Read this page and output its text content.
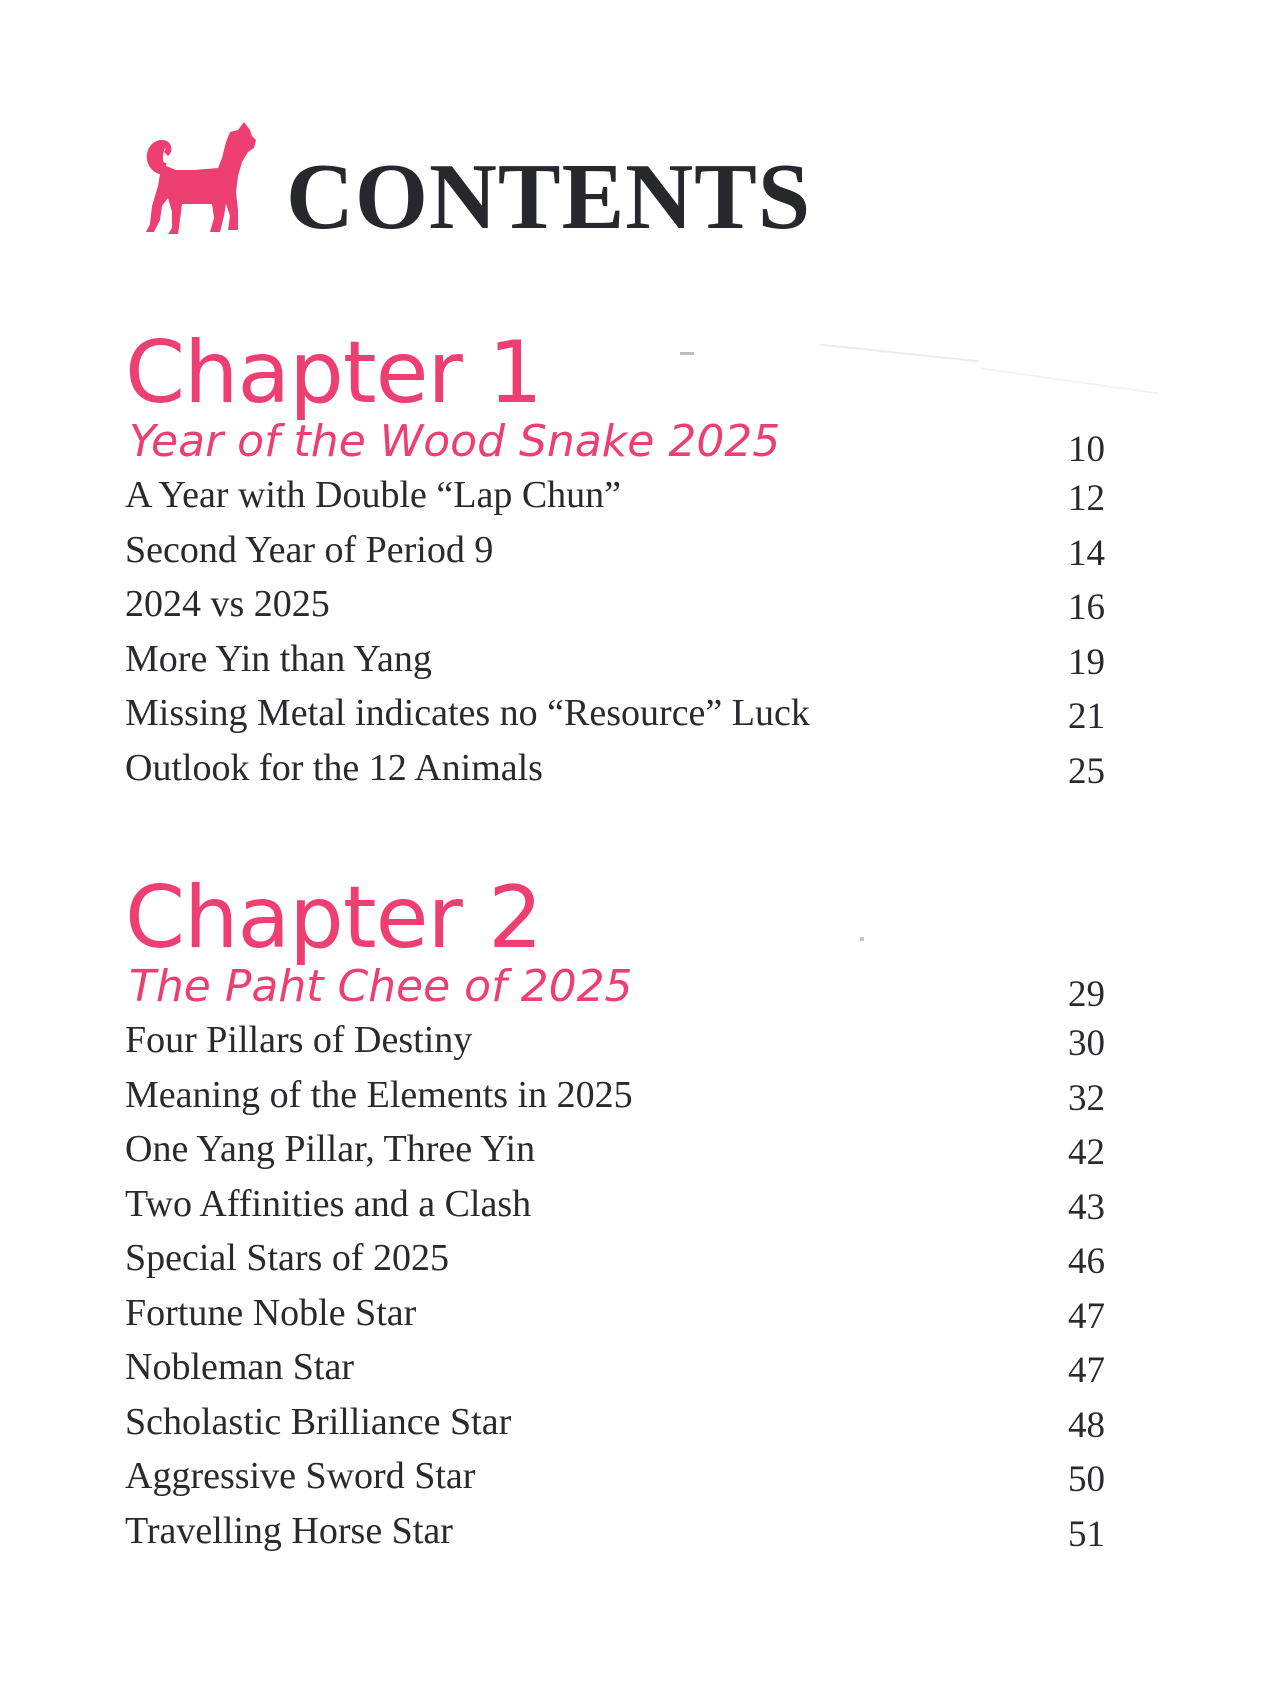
CONTENTS
Chapter 1
Year of the Wood Snake 2025	10
A Year with Double “Lap Chun”	12
Second Year of Period 9	14
2024 vs 2025	16
More Yin than Yang	19
Missing Metal indicates no “Resource” Luck	21
Outlook for the 12 Animals	25
Chapter 2
The Paht Chee of 2025	29
Four Pillars of Destiny	30
Meaning of the Elements in 2025	32
One Yang Pillar, Three Yin	42
Two Affinities and a Clash	43
Special Stars of 2025	46
Fortune Noble Star	47
Nobleman Star	47
Scholastic Brilliance Star	48
Aggressive Sword Star	50
Travelling Horse Star	51
